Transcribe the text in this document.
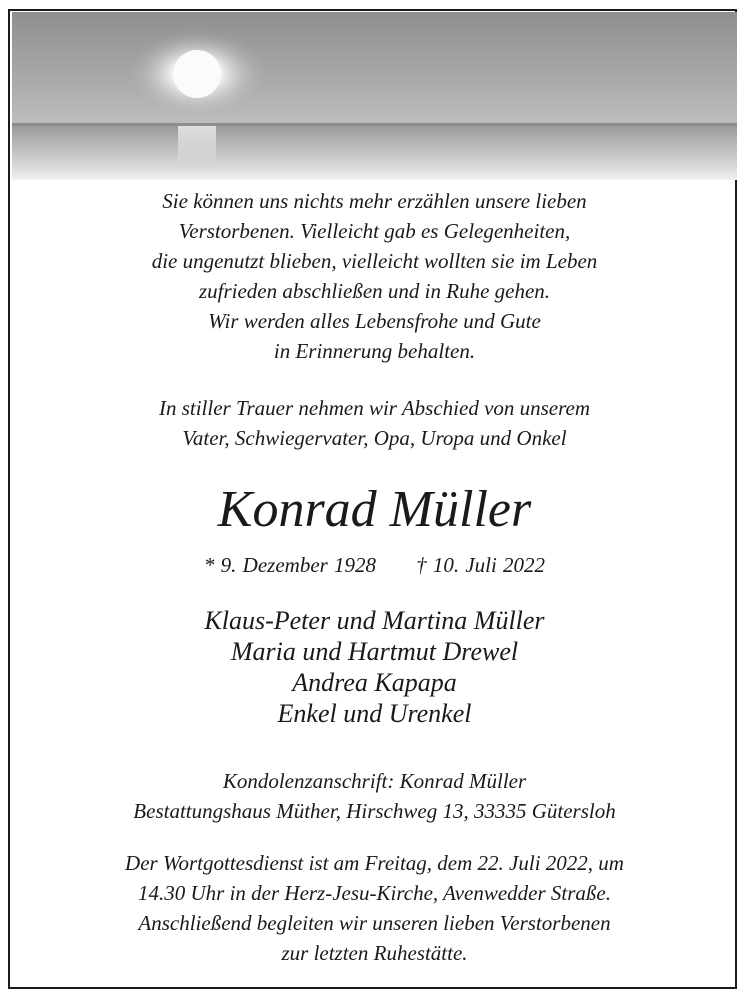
Sie können uns nichts mehr erzählen unsere lieben
Verstorbenen. Vielleicht gab es Gelegenheiten,
die ungenutzt blieben, vielleicht wollten sie im Leben
zufrieden abschließen und in Ruhe gehen.
Wir werden alles Lebensfrohe und Gute
in Erinnerung behalten.
In stiller Trauer nehmen wir Abschied von unserem
Vater, Schwiegervater, Opa, Uropa und Onkel
Konrad Müller
* 9. Dezember 1928 † 10. Juli 2022
Klaus-Peter und Martina Müller
Maria und Hartmut Drewel
Andrea Kapapa
Enkel und Urenkel
Kondolenzanschrift: Konrad Müller
Bestattungshaus Müther, Hirschweg 13, 33335 Gütersloh
Der Wortgottesdienst ist am Freitag, dem 22. Juli 2022, um
14.30 Uhr in der Herz-Jesu-Kirche, Avenwedder Straße.
Anschließend begleiten wir unseren lieben Verstorbenen
zur letzten Ruhestätte.
